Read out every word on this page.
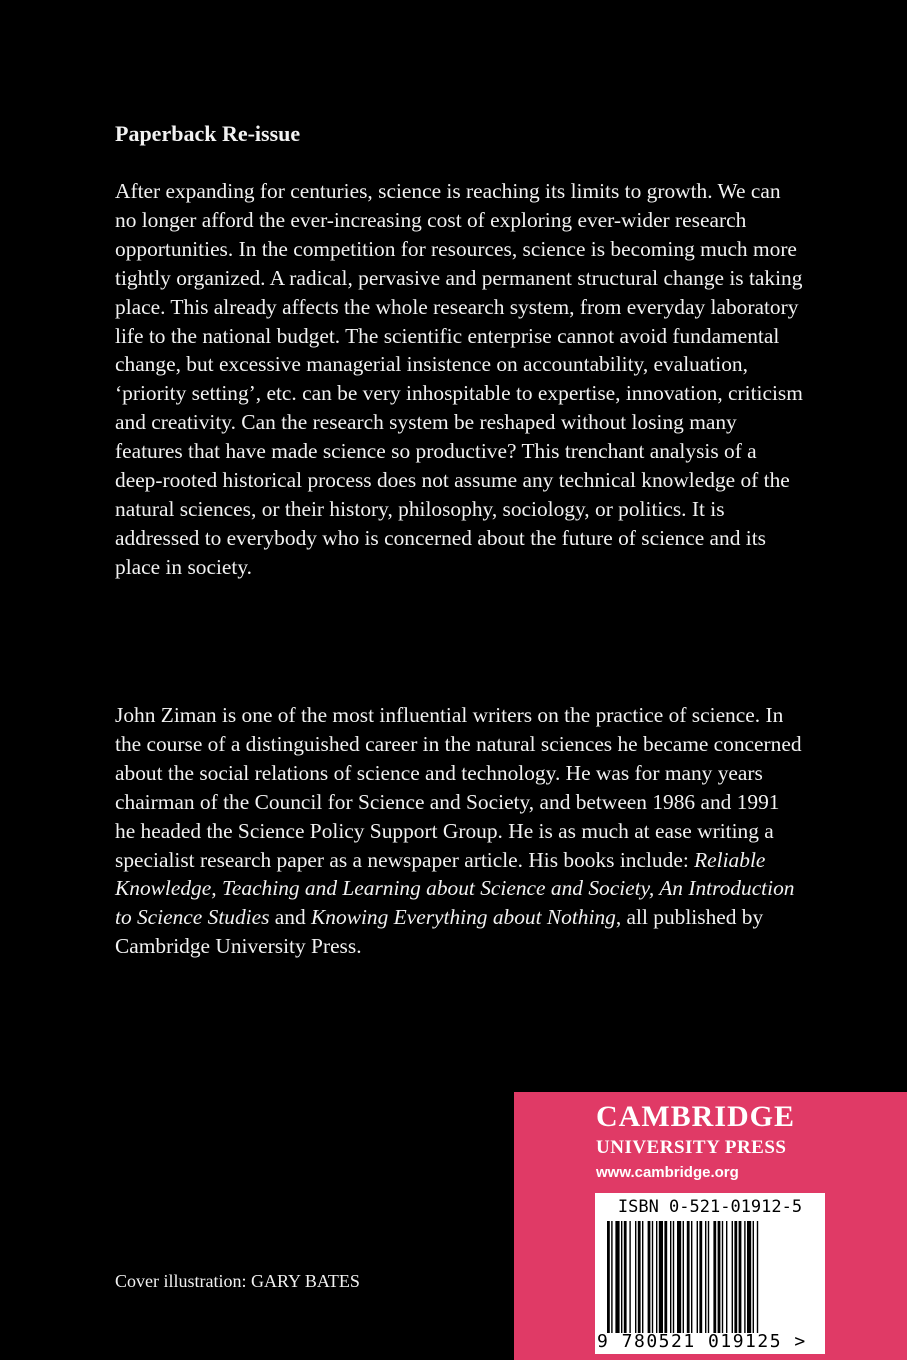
Paperback Re-issue
After expanding for centuries, science is reaching its limits to growth. We can no longer afford the ever-increasing cost of exploring ever-wider research opportunities. In the competition for resources, science is becoming much more tightly organized. A radical, pervasive and permanent structural change is taking place. This already affects the whole research system, from everyday laboratory life to the national budget. The scientific enterprise cannot avoid fundamental change, but excessive managerial insistence on accountability, evaluation, ‘priority setting’, etc. can be very inhospitable to expertise, innovation, criticism and creativity. Can the research system be reshaped without losing many features that have made science so productive? This trenchant analysis of a deep-rooted historical process does not assume any technical knowledge of the natural sciences, or their history, philosophy, sociology, or politics. It is addressed to everybody who is concerned about the future of science and its place in society.
John Ziman is one of the most influential writers on the practice of science. In the course of a distinguished career in the natural sciences he became concerned about the social relations of science and technology. He was for many years chairman of the Council for Science and Society, and between 1986 and 1991 he headed the Science Policy Support Group. He is as much at ease writing a specialist research paper as a newspaper article. His books include: Reliable Knowledge, Teaching and Learning about Science and Society, An Introduction to Science Studies and Knowing Everything about Nothing, all published by Cambridge University Press.
Cover illustration: GARY BATES
CAMBRIDGE
UNIVERSITY PRESS
www.cambridge.org
ISBN 0-521-01912-5
9 780521 019125 >
